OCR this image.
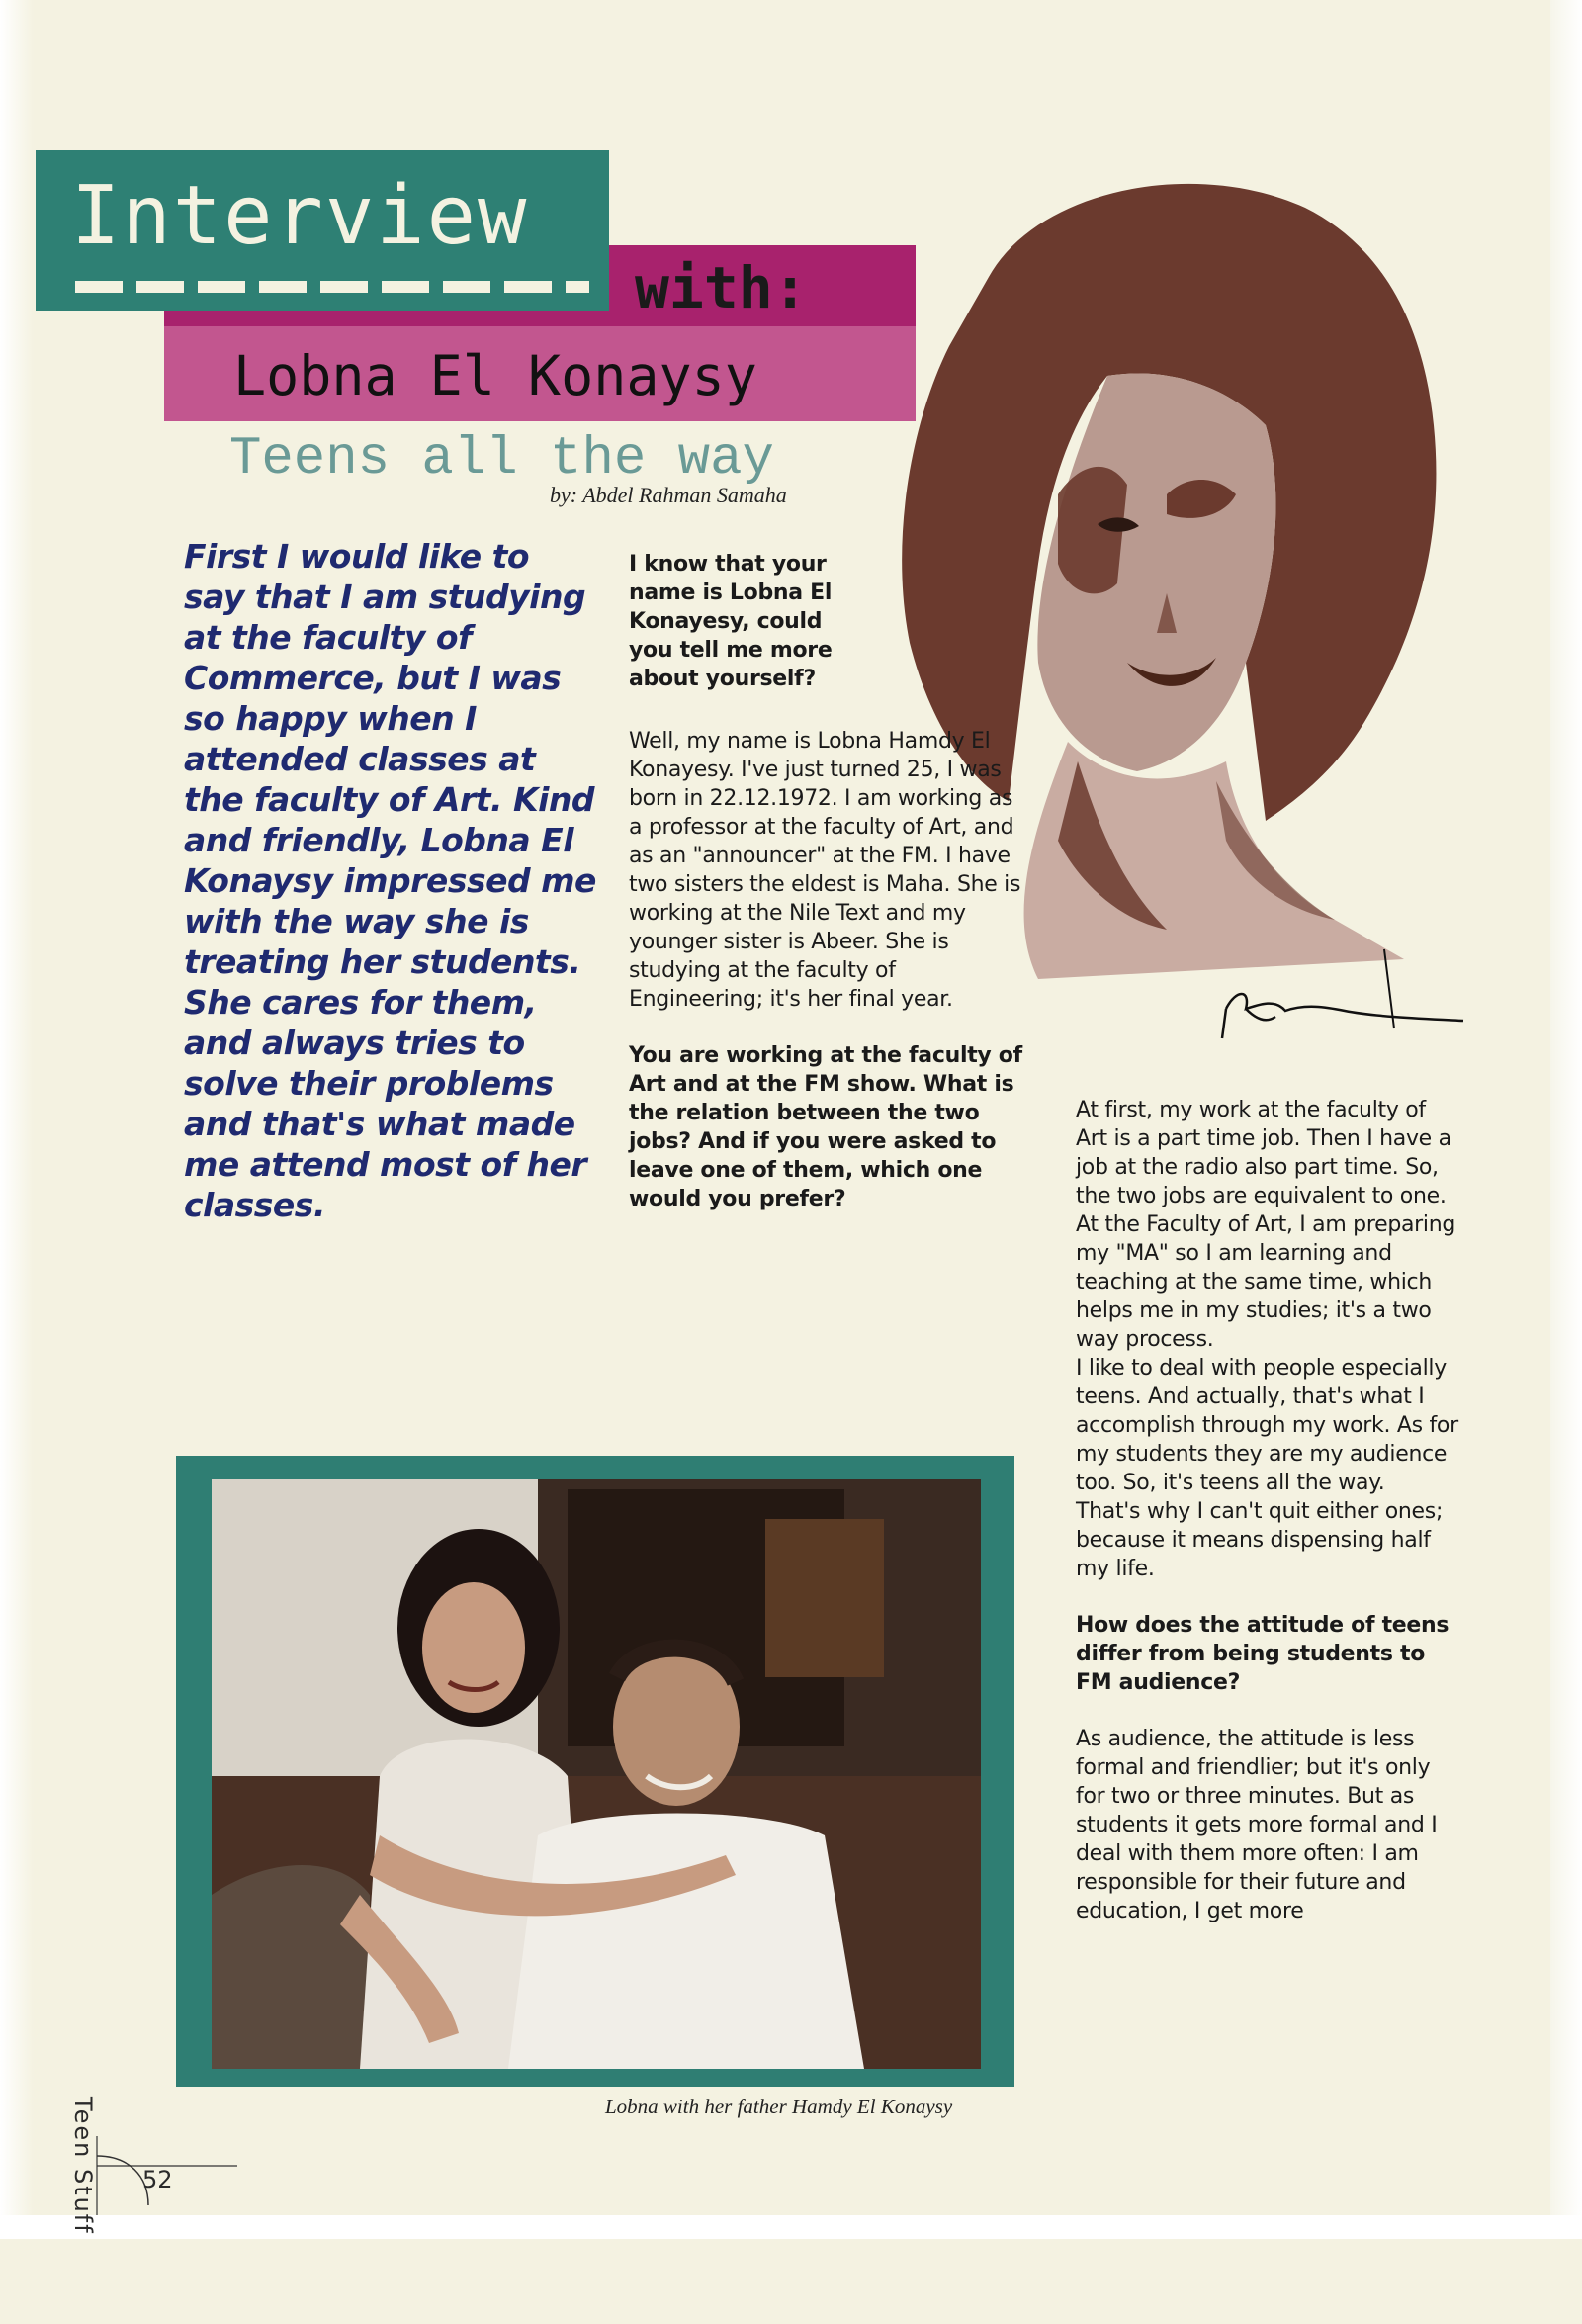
Interview
with:
Lobna El Konaysy
Teens all the way
by: Abdel Rahman Samaha

First I would like to say that I am studying at the faculty of Commerce, but I was so happy when I attended classes at the faculty of Art. Kind and friendly, Lobna El Konaysy impressed me with the way she is treating her students. She cares for them, and always tries to solve their problems and that's what made me attend most of her classes.

I know that your name is Lobna El Konayesy, could you tell me more about yourself?

Well, my name is Lobna Hamdy El Konayesy. I've just turned 25, I was born in 22.12.1972. I am working as a professor at the faculty of Art, and as an "announcer" at the FM. I have two sisters the eldest is Maha. She is working at the Nile Text and my younger sister is Abeer. She is studying at the faculty of Engineering; it's her final year.

You are working at the faculty of Art and at the FM show. What is the relation between the two jobs? And if you were asked to leave one of them, which one would you prefer?

At first, my work at the faculty of Art is a part time job. Then I have a job at the radio also part time. So, the two jobs are equivalent to one. At the Faculty of Art, I am preparing my "MA" so I am learning and teaching at the same time, which helps me in my studies; it's a two way process.

I like to deal with people especially teens. And actually, that's what I accomplish through my work. As for my students they are my audience too. So, it's teens all the way.

That's why I can't quit either ones; because it means dispensing half my life.

How does the attitude of teens differ from being students to FM audience?

As audience, the attitude is less formal and friendlier; but it's only for two or three minutes. But as students it gets more formal and I deal with them more often: I am responsible for their future and education, I get more

Lobna with her father Hamdy El Konaysy
Teen Stuff 52
